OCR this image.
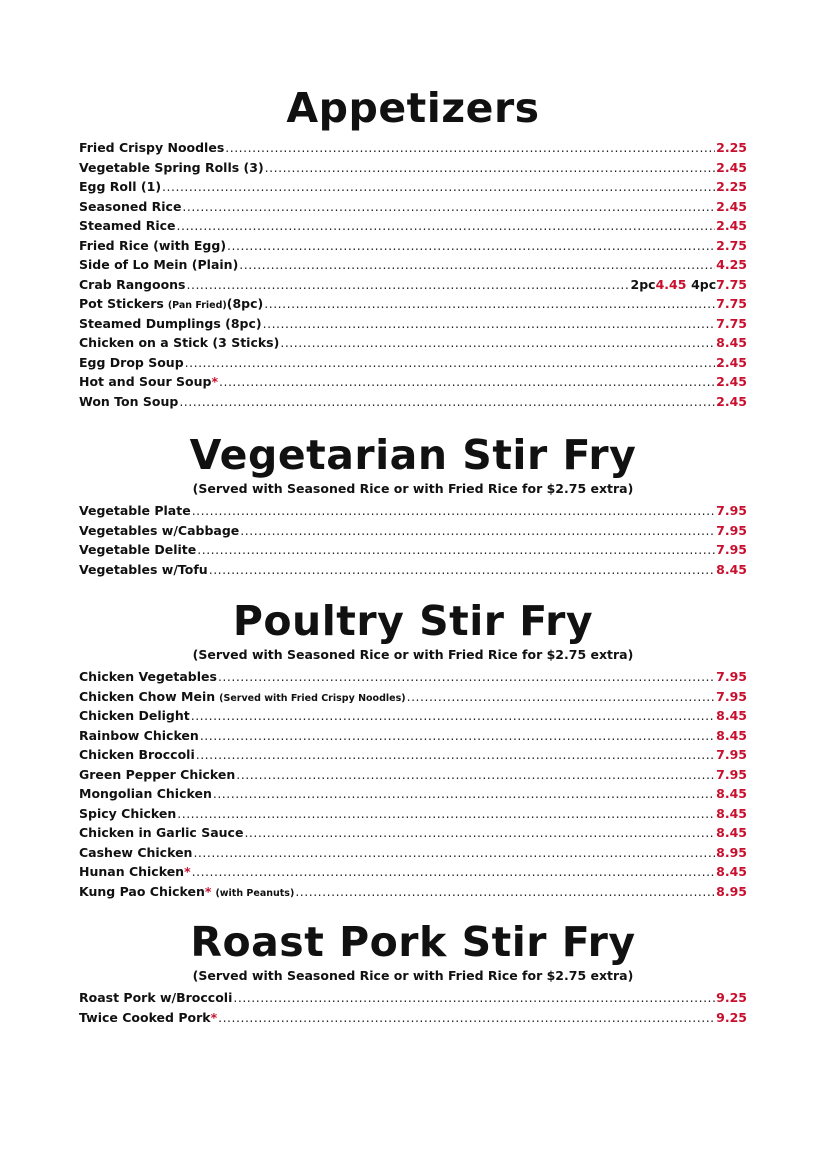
Appetizers
Fried Crispy Noodles .....	2.25
Vegetable Spring Rolls (3) .....	2.45
Egg Roll (1) .....	2.25
Seasoned Rice .....	2.45
Steamed Rice .....	2.45
Fried Rice (with Egg) .....	2.75
Side of Lo Mein (Plain) .....	4.25
Crab Rangoons .....	2pc 4.45 4pc 7.75
Pot Stickers (Pan Fried) (8pc) .....	7.75
Steamed Dumplings (8pc) .....	7.75
Chicken on a Stick (3 Sticks) .....	8.45
Egg Drop Soup .....	2.45
Hot and Sour Soup * .....	2.45
Won Ton Soup .....	2.45
Vegetarian Stir Fry
(Served with Seasoned Rice or with Fried Rice for $2.75 extra)
Vegetable Plate .....	7.95
Vegetables w/Cabbage .....	7.95
Vegetable Delite .....	7.95
Vegetables w/Tofu .....	8.45
Poultry Stir Fry
(Served with Seasoned Rice or with Fried Rice for $2.75 extra)
Chicken Vegetables .....	7.95
Chicken Chow Mein (Served with Fried Crispy Noodles) .....	7.95
Chicken Delight .....	8.45
Rainbow Chicken .....	8.45
Chicken Broccoli .....	7.95
Green Pepper Chicken .....	7.95
Mongolian Chicken .....	8.45
Spicy Chicken .....	8.45
Chicken in Garlic Sauce .....	8.45
Cashew Chicken .....	8.95
Hunan Chicken * .....	8.45
Kung Pao Chicken * (with Peanuts) .....	8.95
Roast Pork Stir Fry
(Served with Seasoned Rice or with Fried Rice for $2.75 extra)
Roast Pork w/Broccoli .....	9.25
Twice Cooked Pork * .....	9.25
